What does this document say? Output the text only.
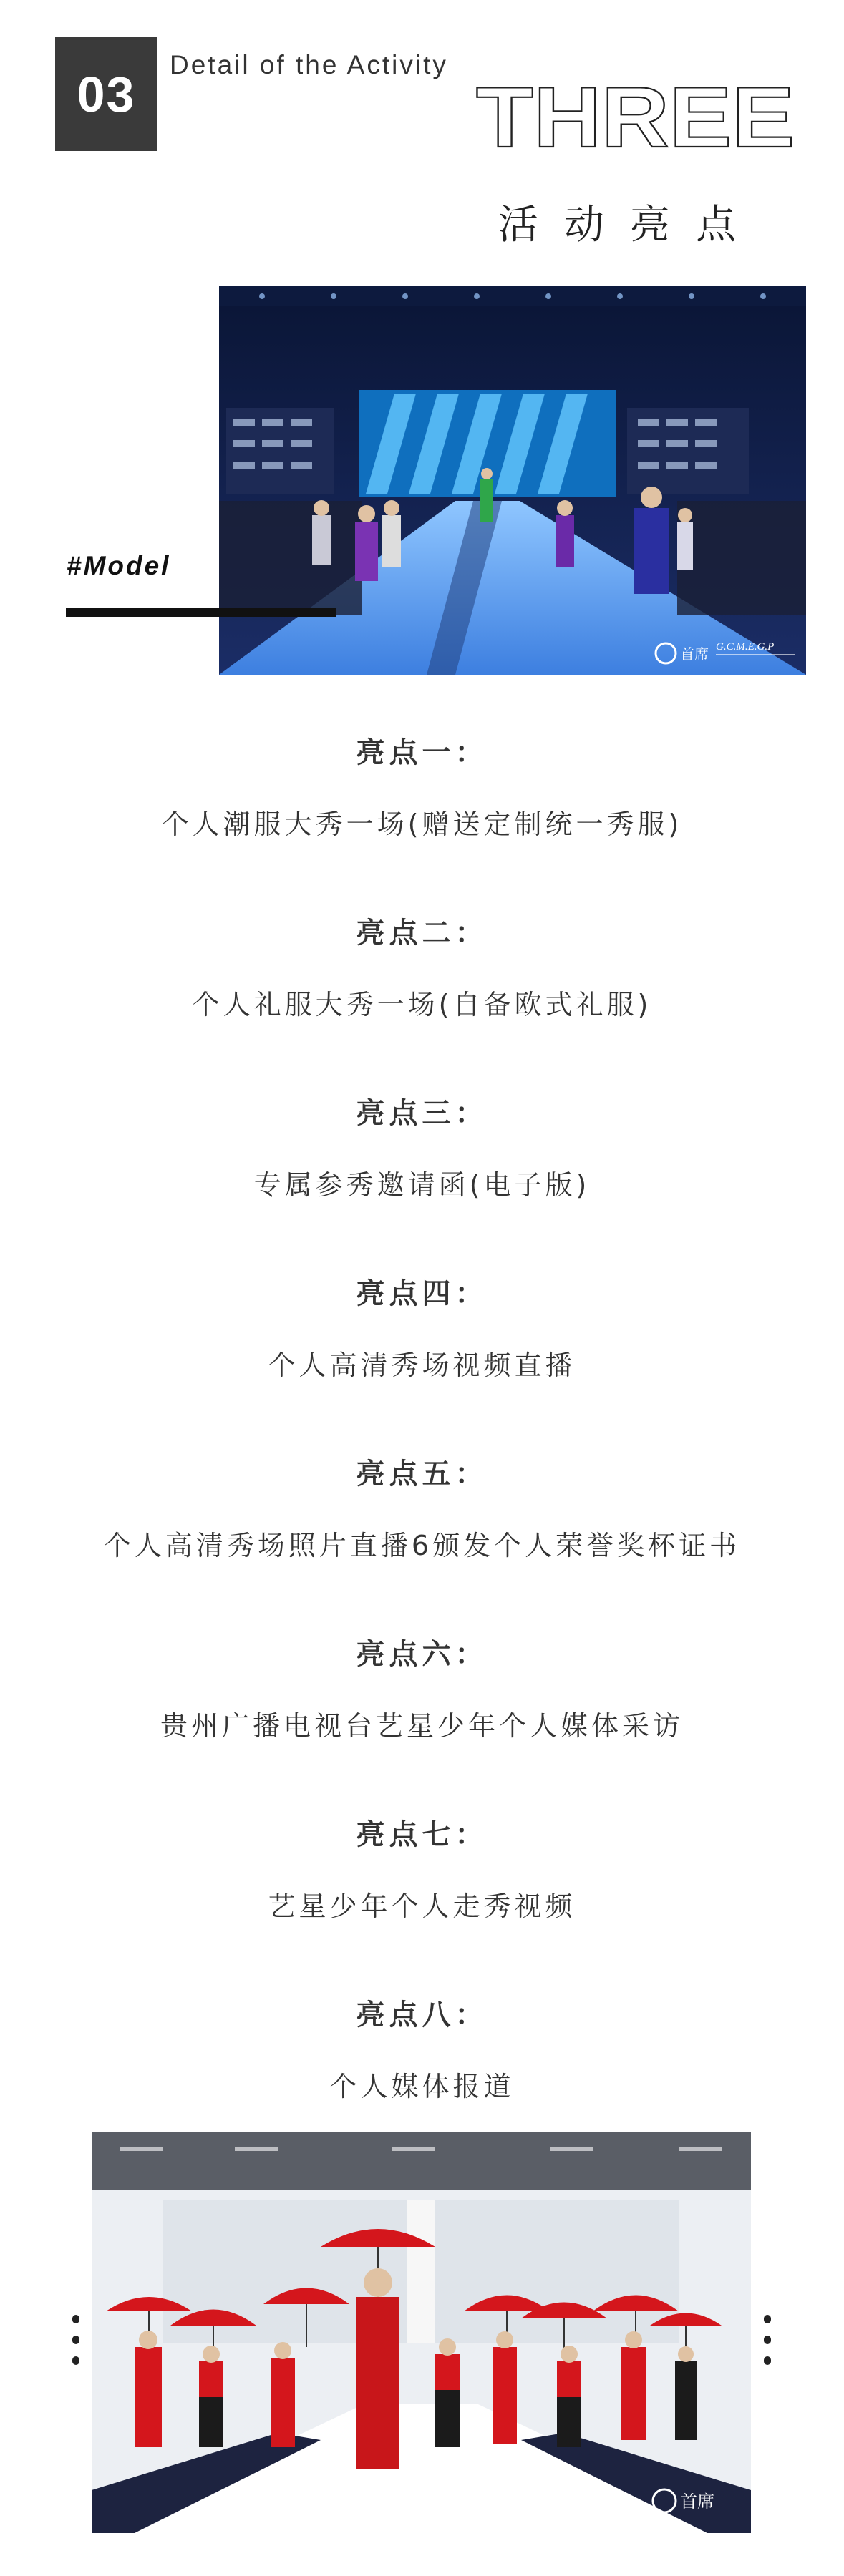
03
Detail of the Activity
THREE
活动亮点
首席 G.C.M.E.G.P
#Model
亮点一：
个人潮服大秀一场(赠送定制统一秀服)
亮点二：
个人礼服大秀一场(自备欧式礼服)
亮点三：
专属参秀邀请函(电子版)
亮点四：
个人高清秀场视频直播
亮点五：
个人高清秀场照片直播6颁发个人荣誉奖杯证书
亮点六：
贵州广播电视台艺星少年个人媒体采访
亮点七：
艺星少年个人走秀视频
亮点八：
个人媒体报道
首席
